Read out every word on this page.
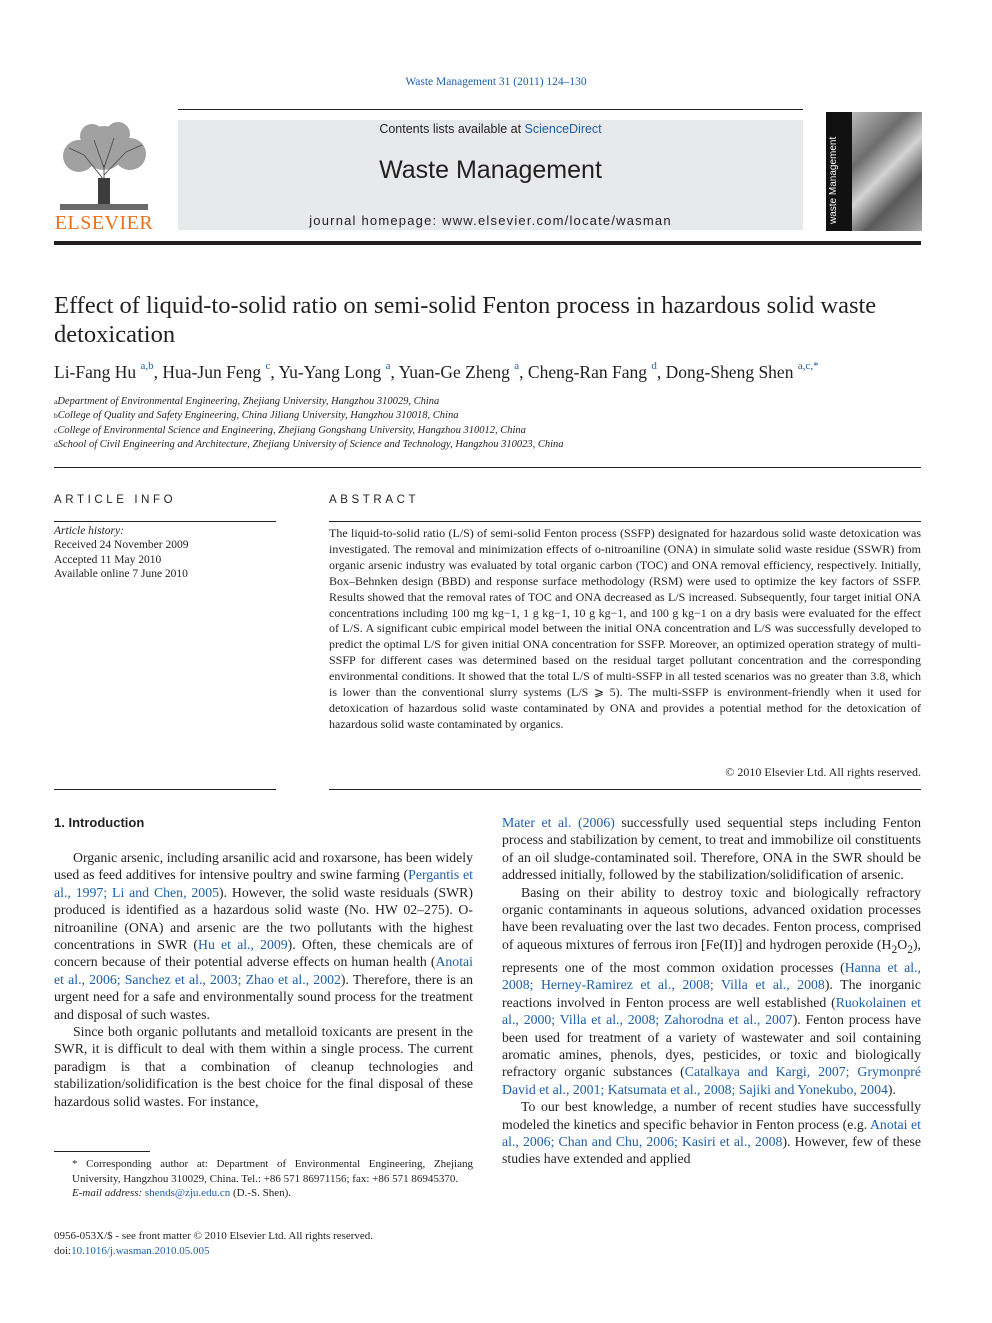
Waste Management 31 (2011) 124–130
ELSEVIER
Contents lists available at ScienceDirect
Waste Management
journal homepage: www.elsevier.com/locate/wasman	waste Management
Effect of liquid-to-solid ratio on semi-solid Fenton process in hazardous solid waste detoxication
Li-Fang Hu $^{a,b}$, Hua-Jun Feng $^c$, Yu-Yang Long $^a$, Yuan-Ge Zheng $^a$, Cheng-Ran Fang $^d$, Dong-Sheng Shen $^{a,c,*}$
$^a$Department of Environmental Engineering, Zhejiang University, Hangzhou 310029, China
$^b$College of Quality and Safety Engineering, China Jiliang University, Hangzhou 310018, China
$^c$College of Environmental Science and Engineering, Zhejiang Gongshang University, Hangzhou 310012, China
$^d$School of Civil Engineering and Architecture, Zhejiang University of Science and Technology, Hangzhou 310023, China
ARTICLE INFO	ABSTRACT
Article history:
Received 24 November 2009
Accepted 11 May 2010
Available online 7 June 2010
The liquid-to-solid ratio (L/S) of semi-solid Fenton process (SSFP) designated for hazardous solid waste detoxication was investigated. The removal and minimization effects of o-nitroaniline (ONA) in simulate solid waste residue (SSWR) from organic arsenic industry was evaluated by total organic carbon (TOC) and ONA removal efficiency, respectively. Initially, Box–Behnken design (BBD) and response surface methodology (RSM) were used to optimize the key factors of SSFP. Results showed that the removal rates of TOC and ONA decreased as L/S increased. Subsequently, four target initial ONA concentrations including 100 mg kg−1, 1 g kg−1, 10 g kg−1, and 100 g kg−1 on a dry basis were evaluated for the effect of L/S. A significant cubic empirical model between the initial ONA concentration and L/S was successfully developed to predict the optimal L/S for given initial ONA concentration for SSFP. Moreover, an optimized operation strategy of multi-SSFP for different cases was determined based on the residual target pollutant concentration and the corresponding environmental conditions. It showed that the total L/S of multi-SSFP in all tested scenarios was no greater than 3.8, which is lower than the conventional slurry systems (L/S ⩾ 5). The multi-SSFP is environment-friendly when it used for detoxication of hazardous solid waste contaminated by ONA and provides a potential method for the detoxication of hazardous solid waste contaminated by organics.
© 2010 Elsevier Ltd. All rights reserved.
1. Introduction

Organic arsenic, including arsanilic acid and roxarsone, has been widely used as feed additives for intensive poultry and swine farming (Pergantis et al., 1997; Li and Chen, 2005). However, the solid waste residuals (SWR) produced is identified as a hazardous solid waste (No. HW 02–275). O-nitroaniline (ONA) and arsenic are the two pollutants with the highest concentrations in SWR (Hu et al., 2009). Often, these chemicals are of concern because of their potential adverse effects on human health (Anotai et al., 2006; Sanchez et al., 2003; Zhao et al., 2002). Therefore, there is an urgent need for a safe and environmentally sound process for the treatment and disposal of such wastes.

Since both organic pollutants and metalloid toxicants are present in the SWR, it is difficult to deal with them within a single process. The current paradigm is that a combination of cleanup technologies and stabilization/solidification is the best choice for the final disposal of these hazardous solid wastes. For instance,

Mater et al. (2006) successfully used sequential steps including Fenton process and stabilization by cement, to treat and immobilize oil constituents of an oil sludge-contaminated soil. Therefore, ONA in the SWR should be addressed initially, followed by the stabilization/solidification of arsenic.

Basing on their ability to destroy toxic and biologically refractory organic contaminants in aqueous solutions, advanced oxidation processes have been revaluating over the last two decades. Fenton process, comprised of aqueous mixtures of ferrous iron [Fe(II)] and hydrogen peroxide $(H_2O_2)$, represents one of the most common oxidation processes (Hanna et al., 2008; Herney-Ramirez et al., 2008; Villa et al., 2008). The inorganic reactions involved in Fenton process are well established (Ruokolainen et al., 2000; Villa et al., 2008; Zahorodna et al., 2007). Fenton process have been used for treatment of a variety of wastewater and soil containing aromatic amines, phenols, dyes, pesticides, or toxic and biologically refractory organic substances (Catalkaya and Kargi, 2007; Grymonpré David et al., 2001; Katsumata et al., 2008; Sajiki and Yonekubo, 2004).

To our best knowledge, a number of recent studies have successfully modeled the kinetics and specific behavior in Fenton process (e.g. Anotai et al., 2006; Chan and Chu, 2006; Kasiri et al., 2008). However, few of these studies have extended and applied

* Corresponding author at: Department of Environmental Engineering, Zhejiang University, Hangzhou 310029, China. Tel.: +86 571 86971156; fax: +86 571 86945370.
E-mail address: shends@zju.edu.cn (D.-S. Shen).
0956-053X/$ - see front matter © 2010 Elsevier Ltd. All rights reserved.
doi:10.1016/j.wasman.2010.05.005
